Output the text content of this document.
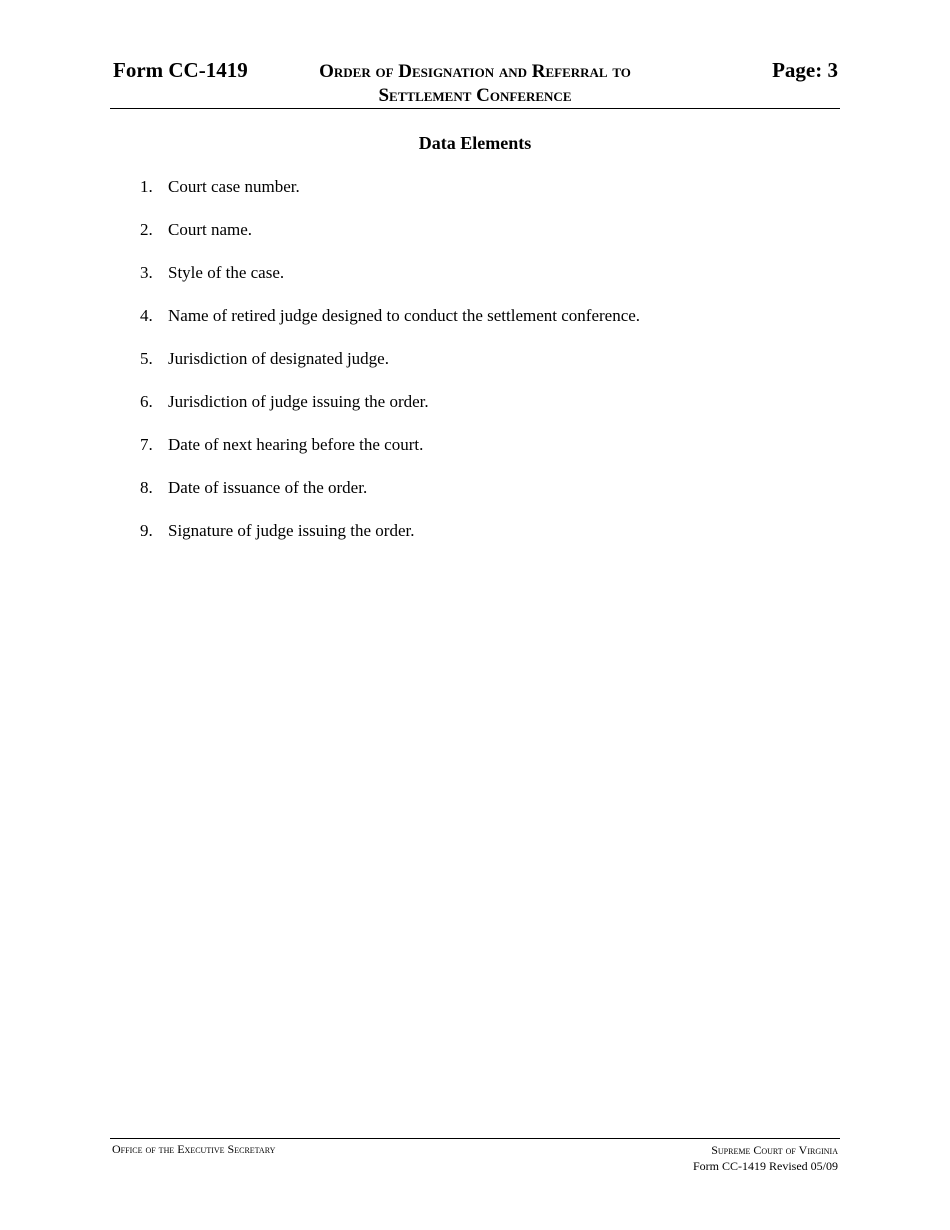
Form CC-1419	Order of Designation and Referral to
Settlement Conference
Page: 3
Data Elements
1. Court case number.
2. Court name.
3. Style of the case.
4. Name of retired judge designed to conduct the settlement conference.
5. Jurisdiction of designated judge.
6. Jurisdiction of judge issuing the order.
7. Date of next hearing before the court.
8. Date of issuance of the order.
9. Signature of judge issuing the order.
Office of the Executive Secretary	Supreme Court of Virginia
Form CC-1419 Revised 05/09
